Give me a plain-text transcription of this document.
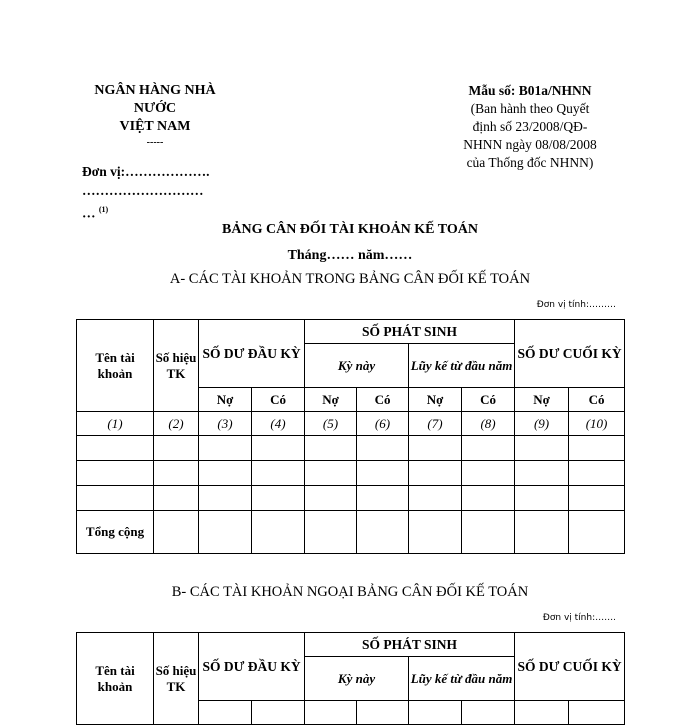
NGÂN HÀNG NHÀ
NƯỚC
VIỆT NAM
-----
Đơn vị:……………….
………………………
… $^{(1)}$
Mẫu số: B01a/NHNN
(Ban hành theo Quyết
định số 23/2008/QĐ-
NHNN ngày 08/08/2008
của Thống đốc NHNN)
BẢNG CÂN ĐỐI TÀI KHOẢN KẾ TOÁN
Tháng…… năm……
A- CÁC TÀI KHOẢN TRONG BẢNG CÂN ĐỐI KẾ TOÁN
Đơn vị tính:………
Tên tài khoản	Số hiệu TK	SỐ DƯ ĐẦU KỲ		SỐ PHÁT SINH				SỐ DƯ CUỐI KỲ	
				Kỳ này		Lũy kế từ đầu năm			
		Nợ	Có	Nợ	Có	Nợ	Có	Nợ	Có
(1)	(2)	(3)	(4)	(5)	(6)	(7)	(8)	(9)	(10)

Tổng cộng									
B- CÁC TÀI KHOẢN NGOẠI BẢNG CÂN ĐỐI KẾ TOÁN
Đơn vị tính:…….
Tên tài khoản	Số hiệu TK	SỐ DƯ ĐẦU KỲ		SỐ PHÁT SINH				SỐ DƯ CUỐI KỲ	
				Kỳ này		Lũy kế từ đầu năm			
